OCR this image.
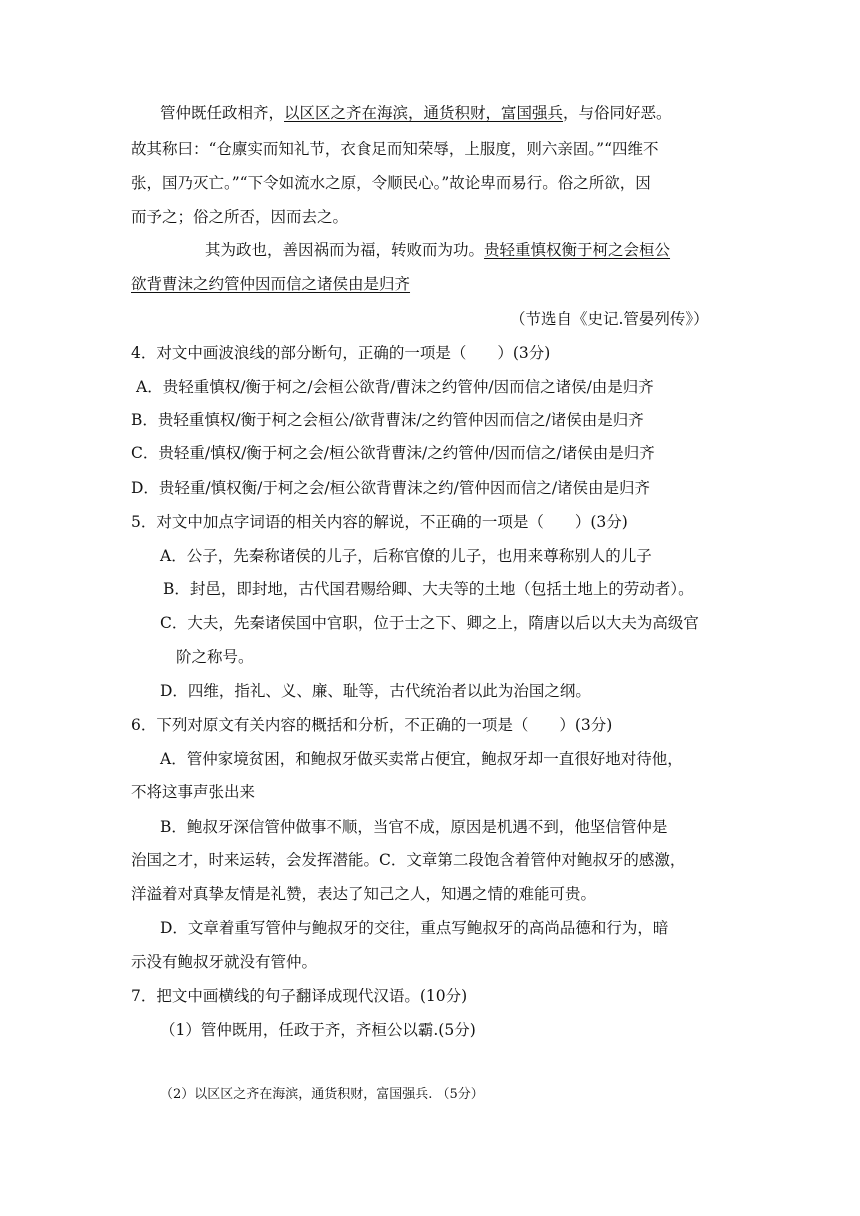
管仲既任政相齐，以区区之齐在海滨，通货积财，富国强兵，与俗同好恶。
故其称曰：“仓廪实而知礼节，衣食足而知荣辱，上服度，则六亲固。”“四维不
张，国乃灭亡。”“下令如流水之原，令顺民心。”故论卑而易行。俗之所欲，因
而予之；俗之所否，因而去之。
其为政也，善因祸而为福，转败而为功。贵轻重慎权衡于柯之会桓公
欲背曹沫之约管仲因而信之诸侯由是归齐
（节选自《史记.管晏列传》）
4．对文中画波浪线的部分断句，正确的一项是（　　）(3分)
A．贵轻重慎权/衡于柯之/会桓公欲背/曹沫之约管仲/因而信之诸侯/由是归齐
B．贵轻重慎权/衡于柯之会桓公/欲背曹沫/之约管仲因而信之/诸侯由是归齐
C．贵轻重/慎权/衡于柯之会/桓公欲背曹沫/之约管仲/因而信之/诸侯由是归齐
D．贵轻重/慎权衡/于柯之会/桓公欲背曹沫之约/管仲因而信之/诸侯由是归齐
5．对文中加点字词语的相关内容的解说，不正确的一项是（　　）(3分)
A．公子，先秦称诸侯的儿子，后称官僚的儿子，也用来尊称别人的儿子
B．封邑，即封地，古代国君赐给卿、大夫等的土地（包括土地上的劳动者）。
C．大夫，先秦诸侯国中官职，位于士之下、卿之上，隋唐以后以大夫为高级官
阶之称号。
D．四维，指礼、义、廉、耻等，古代统治者以此为治国之纲。
6．下列对原文有关内容的概括和分析，不正确的一项是（　　）(3分)
A．管仲家境贫困，和鲍叔牙做买卖常占便宜，鲍叔牙却一直很好地对待他，
不将这事声张出来
B．鲍叔牙深信管仲做事不顺，当官不成，原因是机遇不到，他坚信管仲是
治国之才，时来运转，会发挥潜能。C．文章第二段饱含着管仲对鲍叔牙的感激，
洋溢着对真挚友情是礼赞，表达了知己之人，知遇之情的难能可贵。
D．文章着重写管仲与鲍叔牙的交往，重点写鲍叔牙的高尚品德和行为，暗
示没有鲍叔牙就没有管仲。
7．把文中画横线的句子翻译成现代汉语。(10分)
（1）管仲既用，任政于齐，齐桓公以霸.(5分)
（2）以区区之齐在海滨，通货积财，富国强兵. （5分）
